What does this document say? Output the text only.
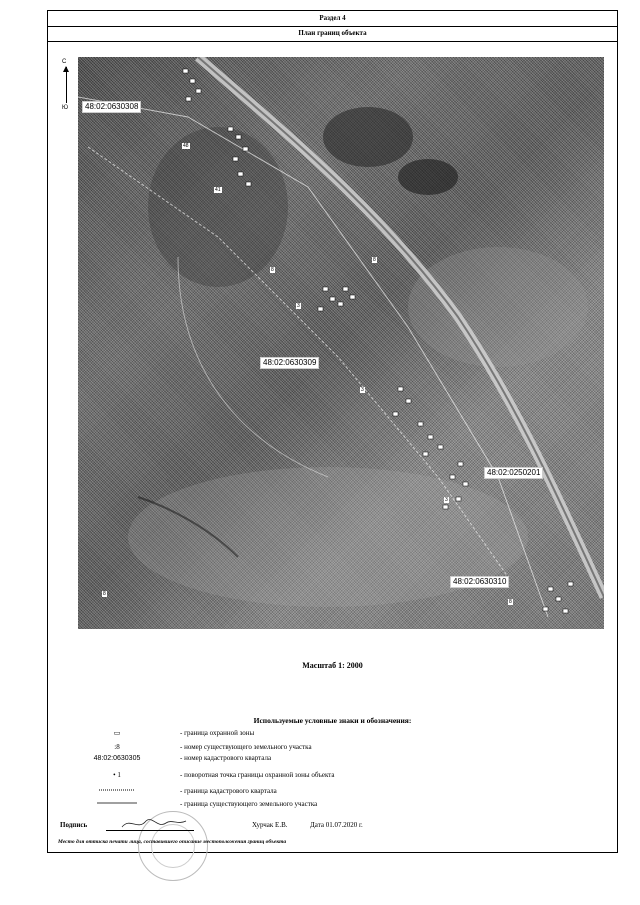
Раздел 4
План границ объекта
С
Ю	48:02:0630308
48:02:0630309
48:02:0250201
48:02:0630310
48
41
8
3
8
3
8
3
8
Масштаб 1: 2000
Используемые условные знаки и обозначения:
▭	- граница охранной зоны
:8	- номер существующего земельного участка
48:02:0630305	- номер кадастрового квартала
• 1	- поворотная точка границы охранной зоны объекта
- граница кадастрового квартала
- граница существующего земельного участка
Подпись	Хурчак Е.В.	Дата 01.07.2020 г.
Место для оттиска печати лица, составившего описание местоположения границ объекта
